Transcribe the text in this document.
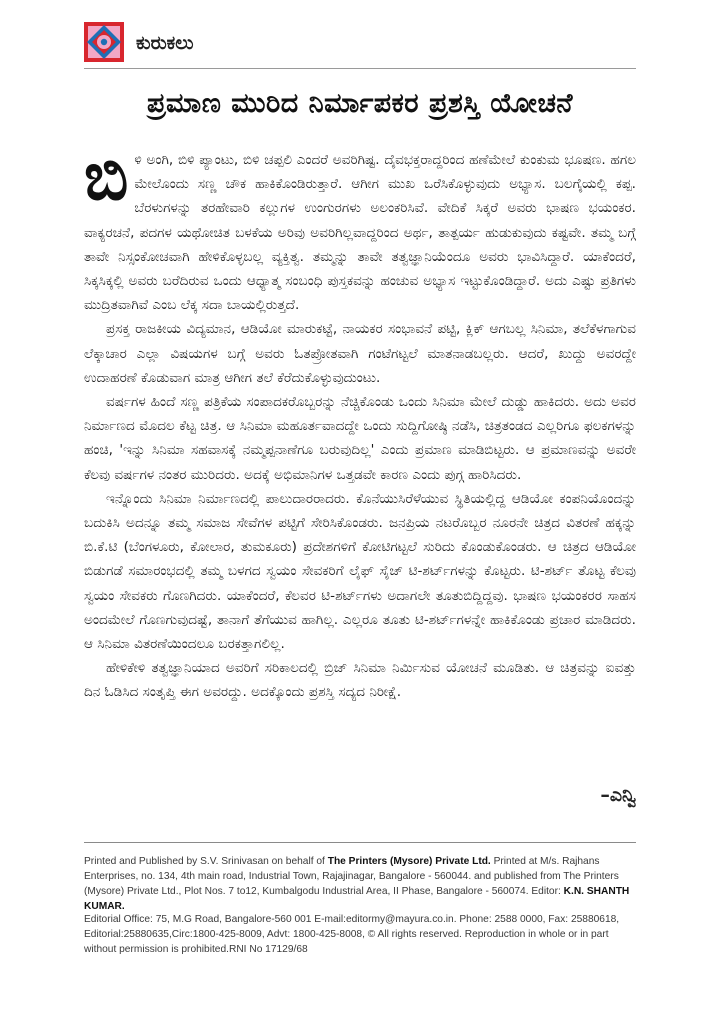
ಕುರುಕಲು
ಪ್ರಮಾಣ ಮುರಿದ ನಿರ್ಮಾಪಕರ ಪ್ರಶಸ್ತಿ ಯೋಚನೆ

ಬಿಳಿ ಅಂಗಿ, ಬಿಳಿ ಪ್ಯಾಂಟು, ಬಿಳಿ ಚಪ್ಪಲಿ ಎಂದರೆ ಅವರಿಗಿಷ್ಟ. ದೈವಭಕ್ತರಾದ್ದರಿಂದ ಹಣೆಮೇಲೆ ಕುಂಕುಮ ಭೂಷಣ. ಹಗಲ ಮೇಲೊಂದು ಸಣ್ಣ ಚೌಕ ಹಾಕಿಕೊಂಡಿರುತ್ತಾರೆ. ಆಗೀಗ ಮುಖ ಒರೆಸಿಕೊಳ್ಳುವುದು ಅಭ್ಯಾಸ. ಬಲಗೈಯಲ್ಲಿ ಕಪ್ಪ. ಬೆರಳುಗಳನ್ನು ತರಹೇವಾರಿ ಕಲ್ಲುಗಳ ಉಂಗುರಗಳು ಅಲಂಕರಿಸಿವೆ. ವೇದಿಕೆ ಸಿಕ್ಕರೆ ಅವರು ಭಾಷಣ ಭಯಂಕರ. ವಾಕ್ಯರಚನೆ, ಪದಗಳ ಯಥೋಚಿತ ಬಳಕೆಯ ಅರಿವು ಅವರಿಗಿಲ್ಲವಾದ್ದರಿಂದ ಅರ್ಥ, ತಾತ್ಪರ್ಯ ಹುಡುಕುವುದು ಕಷ್ಟವೇ. ತಮ್ಮ ಬಗ್ಗೆ ತಾವೇ ನಿಸ್ಸಂಕೋಚವಾಗಿ ಹೇಳಿಕೊಳ್ಳಬಲ್ಲ ವ್ಯಕ್ತಿತ್ವ. ತಮ್ಮನ್ನು ತಾವೇ ತತ್ವಜ್ಞಾನಿಯೆಂದೂ ಅವರು ಭಾವಿಸಿದ್ದಾರೆ. ಯಾಕೆಂದರೆ, ಸಿಕ್ಕಸಿಕ್ಕಲ್ಲಿ ಅವರು ಬರೆದಿರುವ ಒಂದು ಆಧ್ಯಾತ್ಮ ಸಂಬಂಧಿ ಪುಸ್ತಕವನ್ನು ಹಂಚುವ ಅಭ್ಯಾಸ ಇಟ್ಟುಕೊಂಡಿದ್ದಾರೆ. ಅದು ಎಷ್ಟು ಪ್ರತಿಗಳು ಮುದ್ರಿತವಾಗಿವೆ ಎಂಬ ಲೆಕ್ಕ ಸದಾ ಬಾಯಲ್ಲಿರುತ್ತದೆ.

ಪ್ರಸಕ್ತ ರಾಜಕೀಯ ವಿದ್ಯಮಾನ, ಆಡಿಯೋ ಮಾರುಕಟ್ಟೆ, ನಾಯಕರ ಸಂಭಾವನೆ ಪಟ್ಟಿ, ಕ್ಲಿಕ್ ಆಗಬಲ್ಲ ಸಿನಿಮಾ, ತಲೆಕೆಳಗಾಗುವ ಲೆಕ್ಕಾಚಾರ ಎಲ್ಲಾ ವಿಷಯಗಳ ಬಗ್ಗೆ ಅವರು ಓತಪ್ರೋತವಾಗಿ ಗಂಟೆಗಟ್ಟಲೆ ಮಾತನಾಡಬಲ್ಲರು. ಆದರೆ, ಖುದ್ದು ಅವರದ್ದೇ ಉದಾಹರಣೆ ಕೊಡುವಾಗ ಮಾತ್ರ ಆಗೀಗ ತಲೆ ಕೆರೆದುಕೊಳ್ಳುವುದುಂಟು.

ವರ್ಷಗಳ ಹಿಂದೆ ಸಣ್ಣ ಪತ್ರಿಕೆಯ ಸಂಪಾದಕರೊಬ್ಬರನ್ನು ನೆಚ್ಚಿಕೊಂಡು ಒಂದು ಸಿನಿಮಾ ಮೇಲೆ ದುಡ್ಡು ಹಾಕಿದರು. ಅದು ಅವರ ನಿರ್ಮಾಣದ ಮೊದಲ ಕೆಟ್ಟ ಚಿತ್ರ. ಆ ಸಿನಿಮಾ ಮಹೂರ್ತವಾದದ್ದೇ ಒಂದು ಸುದ್ದಿಗೋಷ್ಠಿ ನಡೆಸಿ, ಚಿತ್ರತಂಡದ ಎಲ್ಲರಿಗೂ ಫಲಕಗಳನ್ನು ಹಂಚಿ, 'ಇನ್ನು ಸಿನಿಮಾ ಸಹವಾಸಕ್ಕೆ ನಮ್ಮಪ್ಪನಾಣೆಗೂ ಬರುವುದಿಲ್ಲ' ಎಂದು ಪ್ರಮಾಣ ಮಾಡಿಬಿಟ್ಟರು. ಆ ಪ್ರಮಾಣವನ್ನು ಅವರೇ ಕೆಲವು ವರ್ಷಗಳ ನಂತರ ಮುರಿದರು. ಅದಕ್ಕೆ ಅಭಿಮಾನಿಗಳ ಒತ್ತಡವೇ ಕಾರಣ ಎಂದು ಪುಗ್ಗ ಹಾರಿಸಿದರು.

ಇನ್ನೊಂದು ಸಿನಿಮಾ ನಿರ್ಮಾಣದಲ್ಲಿ ಪಾಲುದಾರರಾದರು. ಕೊನೆಯುಸಿರೆಳೆಯುವ ಸ್ಥಿತಿಯಲ್ಲಿದ್ದ ಆಡಿಯೋ ಕಂಪನಿಯೊಂದನ್ನು ಬದುಕಿಸಿ ಅದನ್ನೂ ತಮ್ಮ ಸಮಾಜ ಸೇವೆಗಳ ಪಟ್ಟಿಗೆ ಸೇರಿಸಿಕೊಂಡರು. ಜನಪ್ರಿಯ ನಟರೊಬ್ಬರ ನೂರನೇ ಚಿತ್ರದ ವಿತರಣೆ ಹಕ್ಕನ್ನು ಬಿ.ಕೆ.ಟಿ (ಬೆಂಗಳೂರು, ಕೋಲಾರ, ತುಮಕೂರು) ಪ್ರದೇಶಗಳಿಗೆ ಕೋಟಿಗಟ್ಟಲೆ ಸುರಿದು ಕೊಂಡುಕೊಂಡರು. ಆ ಚಿತ್ರದ ಆಡಿಯೋ ಬಿಡುಗಡೆ ಸಮಾರಂಭದಲ್ಲಿ ತಮ್ಮ ಬಳಗದ ಸ್ವಯಂ ಸೇವಕರಿಗೆ ಲೈಫ್ ಸೈಜ್ ಟಿ-ಶರ್ಟ್‌ಗಳನ್ನು ಕೊಟ್ಟರು. ಟಿ-ಶರ್ಟ್ ತೊಟ್ಟ ಕೆಲವು ಸ್ವಯಂ ಸೇವಕರು ಗೊಣಗಿದರು. ಯಾಕೆಂದರೆ, ಕೆಲವರ ಟಿ-ಶರ್ಟ್‌ಗಳು ಅದಾಗಲೇ ತೂತುಬಿದ್ದಿದ್ದವು. ಭಾಷಣ ಭಯಂಕರರ ಸಾಹಸ ಅಂದಮೇಲೆ ಗೊಣಗುವುದಷ್ಟೆ, ತಾನಾಗೆ ತೆಗೆಯುವ ಹಾಗಿಲ್ಲ. ಎಲ್ಲರೂ ತೂತು ಟಿ-ಶರ್ಟ್‌ಗಳನ್ನೇ ಹಾಕಿಕೊಂಡು ಪ್ರಚಾರ ಮಾಡಿದರು. ಆ ಸಿನಿಮಾ ವಿತರಣೆಯಿಂದಲೂ ಬರಕತ್ತಾಗಲಿಲ್ಲ.

ಹೇಳಿಕೇಳಿ ತತ್ವಜ್ಞಾನಿಯಾದ ಅವರಿಗೆ ಸರಿಕಾಲದಲ್ಲಿ ಬ್ರಿಜ್ ಸಿನಿಮಾ ನಿರ್ಮಿಸುವ ಯೋಚನೆ ಮೂಡಿತು. ಆ ಚಿತ್ರವನ್ನು ಐವತ್ತು ದಿನ ಓಡಿಸಿದ ಸಂತೃಪ್ತಿ ಈಗ ಅವರದ್ದು. ಅದಕ್ಕೊಂದು ಪ್ರಶಸ್ತಿ ಸದ್ಯದ ನಿರೀಕ್ಷೆ.

–ಎನ್ವಿ
Printed and Published by S.V. Srinivasan on behalf of The Printers (Mysore) Private Ltd. Printed at M/s. Rajhans Enterprises, no. 134, 4th main road, Industrial Town, Rajajinagar, Bangalore - 560044. and published from The Printers (Mysore) Private Ltd., Plot Nos. 7 to12, Kumbalgodu Industrial Area, II Phase, Bangalore - 560074. Editor: K.N. SHANTH KUMAR.
Editorial Office: 75, M.G Road, Bangalore-560 001 E-mail:editormy@mayura.co.in. Phone: 2588 0000, Fax: 25880618, Editorial:25880635,Circ:1800-425-8009, Advt: 1800-425-8008, © All rights reserved. Reproduction in whole or in part without permission is prohibited.RNI No 17129/68
